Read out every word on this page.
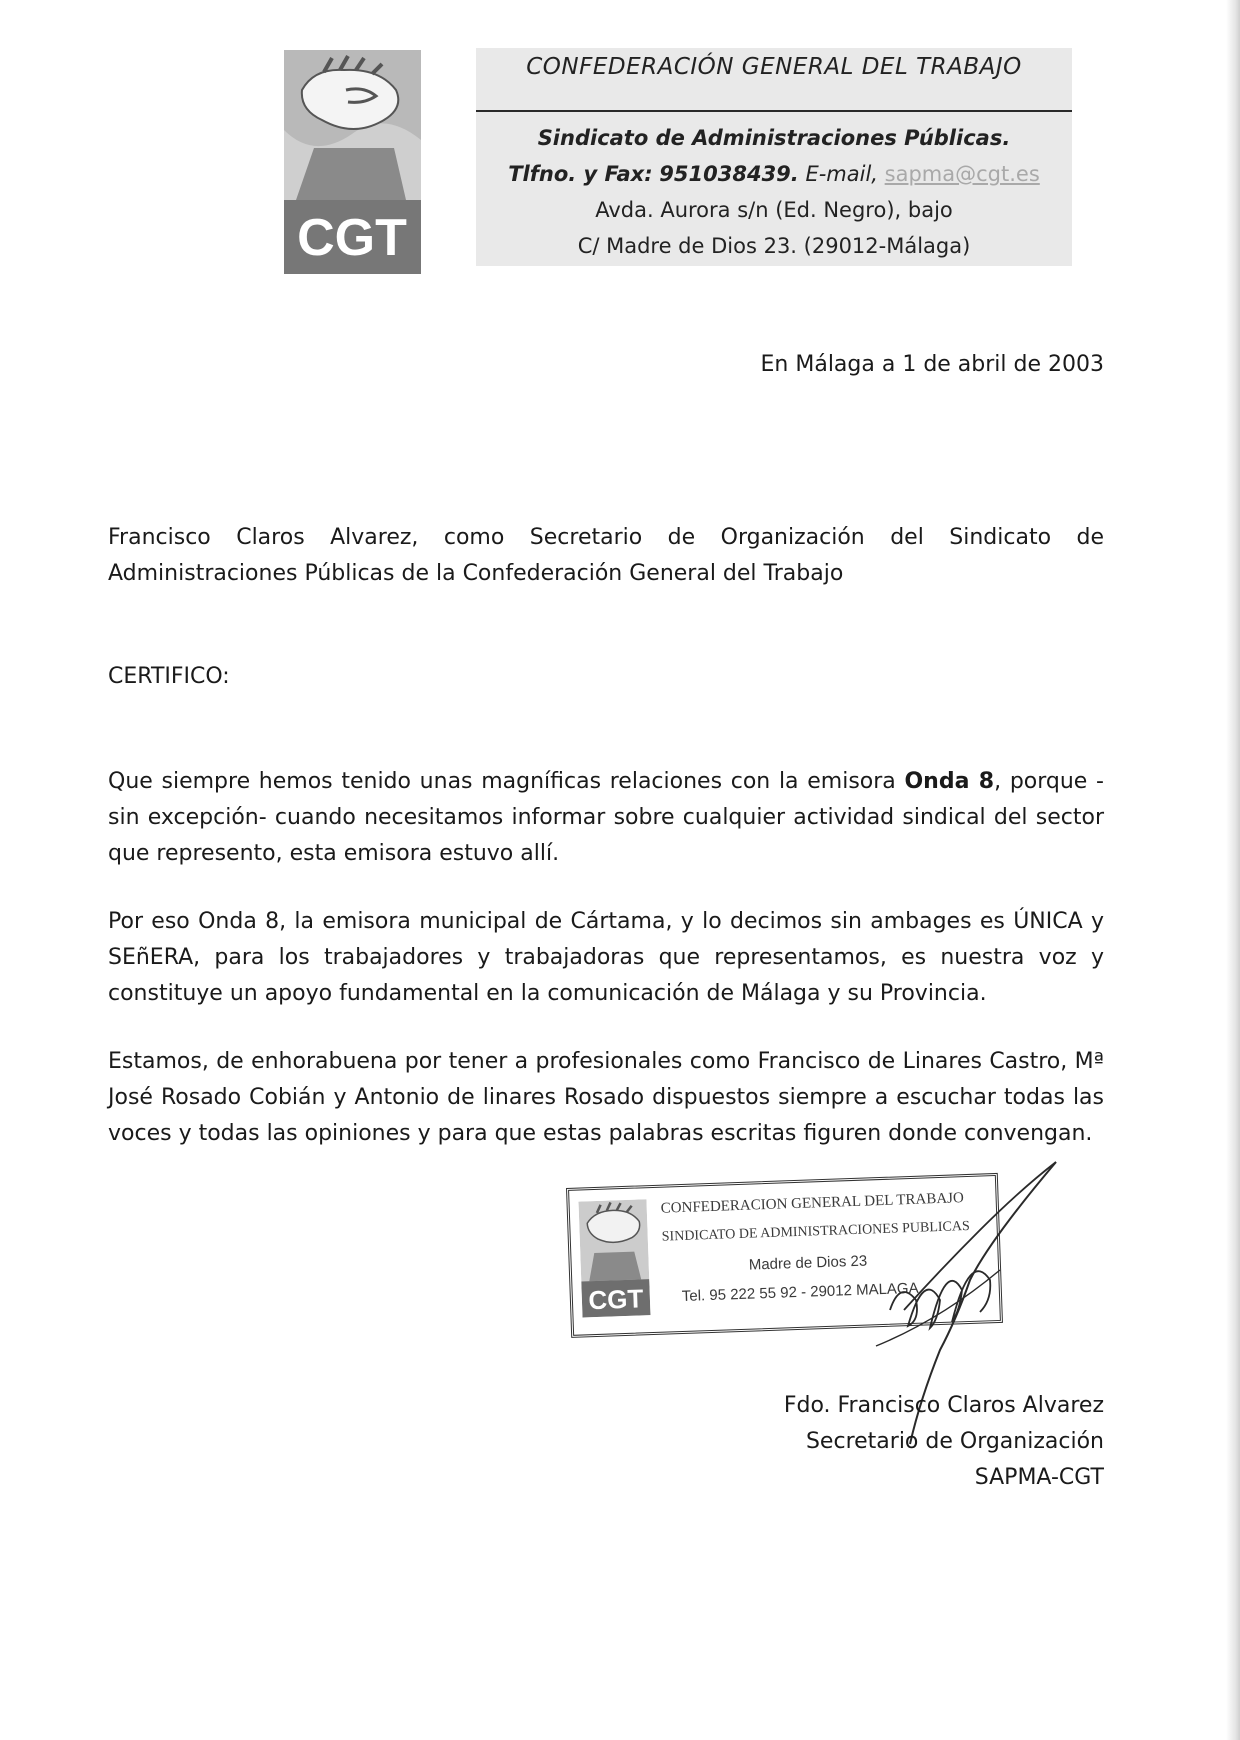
CGT

CONFEDERACIÓN GENERAL DEL TRABAJO

Sindicato de Administraciones Públicas.
Tlfno. y Fax: 951038439. E-mail, sapma@cgt.es
Avda. Aurora s/n (Ed. Negro), bajo
C/ Madre de Dios 23. (29012-Málaga)

En Málaga a 1 de abril de 2003

Francisco Claros Alvarez, como Secretario de Organización del Sindicato de Administraciones Públicas de la Confederación General del Trabajo

CERTIFICO:

Que siempre hemos tenido unas magníficas relaciones con la emisora Onda 8, porque -sin excepción- cuando necesitamos informar sobre cualquier actividad sindical del sector que represento, esta emisora estuvo allí.

Por eso Onda 8, la emisora municipal de Cártama, y lo decimos sin ambages es ÚNICA y SEñERA, para los trabajadores y trabajadoras que representamos, es nuestra voz y constituye un apoyo fundamental en la comunicación de Málaga y su Provincia.

Estamos, de enhorabuena por tener a profesionales como Francisco de Linares Castro, Mª José Rosado Cobián y Antonio de linares Rosado dispuestos siempre a escuchar todas las voces y todas las opiniones y para que estas palabras escritas figuren donde convengan.

CGT
CONFEDERACION GENERAL DEL TRABAJO
SINDICATO DE ADMINISTRACIONES PUBLICAS
Madre de Dios 23
Tel. 95 222 55 92 - 29012 MALAGA

Fdo. Francisco Claros Alvarez
Secretario de Organización
SAPMA-CGT
